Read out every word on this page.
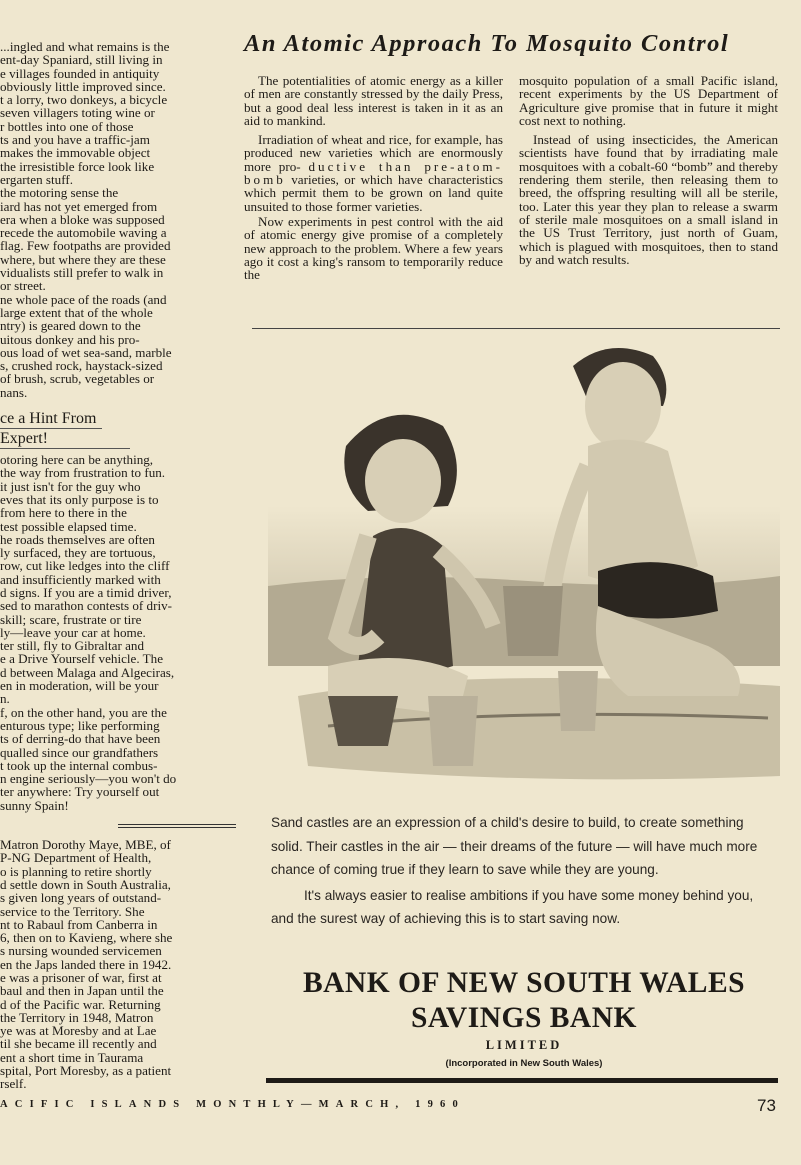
...ingled and what remains is the
ent-day Spaniard, still living in
e villages founded in antiquity
obviously little improved since.
t a lorry, two donkeys, a bicycle
seven villagers toting wine or
r bottles into one of those
ts and you have a traffic-jam
makes the immovable object
the irresistible force look like
ergarten stuff.

the motoring sense the
iard has not yet emerged from
era when a bloke was supposed
recede the automobile waving a
flag. Few footpaths are provided
where, but where they are these
vidualists still prefer to walk in
or street.

ne whole pace of the roads (and
large extent that of the whole
ntry) is geared down to the
uitous donkey and his pro-
ous load of wet sea-sand, marble
s, crushed rock, haystack-sized
of brush, scrub, vegetables or
nans.

ce a Hint From
Expert!

otoring here can be anything,
the way from frustration to fun.
it just isn't for the guy who
eves that its only purpose is to
from here to there in the
test possible elapsed time.
he roads themselves are often
ly surfaced, they are tortuous,
row, cut like ledges into the cliff
and insufficiently marked with
d signs. If you are a timid driver,
sed to marathon contests of driv-
skill; scare, frustrate or tire
ly—leave your car at home.
ter still, fly to Gibraltar and
e a Drive Yourself vehicle. The
d between Malaga and Algeciras,
en in moderation, will be your
n.

f, on the other hand, you are the
enturous type; like performing
ts of derring-do that have been
qualled since our grandfathers
t took up the internal combus-
n engine seriously—you won't do
ter anywhere: Try yourself out
sunny Spain!

Matron Dorothy Maye, MBE, of
P-NG Department of Health,
o is planning to retire shortly
d settle down in South Australia,
s given long years of outstand-
service to the Territory. She
nt to Rabaul from Canberra in
6, then on to Kavieng, where she
s nursing wounded servicemen
en the Japs landed there in 1942.
e was a prisoner of war, first at
baul and then in Japan until the
d of the Pacific war. Returning
the Territory in 1948, Matron
ye was at Moresby and at Lae
til she became ill recently and
ent a short time in Taurama
spital, Port Moresby, as a patient
rself.

An Atomic Approach To Mosquito Control

The potentialities of atomic energy as a killer of men are constantly stressed by the daily Press, but a good deal less interest is taken in it as an aid to mankind.

Irradiation of wheat and rice, for example, has produced new varieties which are enormously more pro- ductive than pre-atom-bomb varieties, or which have characteristics which permit them to be grown on land quite unsuited to those former varieties.

Now experiments in pest control with the aid of atomic energy give promise of a completely new approach to the problem. Where a few years ago it cost a king's ransom to temporarily reduce the

mosquito population of a small Pacific island, recent experiments by the US Department of Agriculture give promise that in future it might cost next to nothing.

Instead of using insecticides, the American scientists have found that by irradiating male mosquitoes with a cobalt-60 “bomb” and thereby rendering them sterile, then releasing them to breed, the offspring resulting will all be sterile, too. Later this year they plan to release a swarm of sterile male mosquitoes on a small island in the US Trust Territory, just north of Guam, which is plagued with mosquitoes, then to stand by and watch results.

Sand castles are an expression of a child's desire to build, to create something solid. Their castles in the air — their dreams of the future — will have much more chance of coming true if they learn to save while they are young.

It's always easier to realise ambitions if you have some money behind you, and the surest way of achieving this is to start saving now.

BANK OF NEW SOUTH WALES
SAVINGS BANK
LIMITED
(Incorporated in New South Wales)
ACIFIC ISLANDS MONTHLY—MARCH, 1960	73
